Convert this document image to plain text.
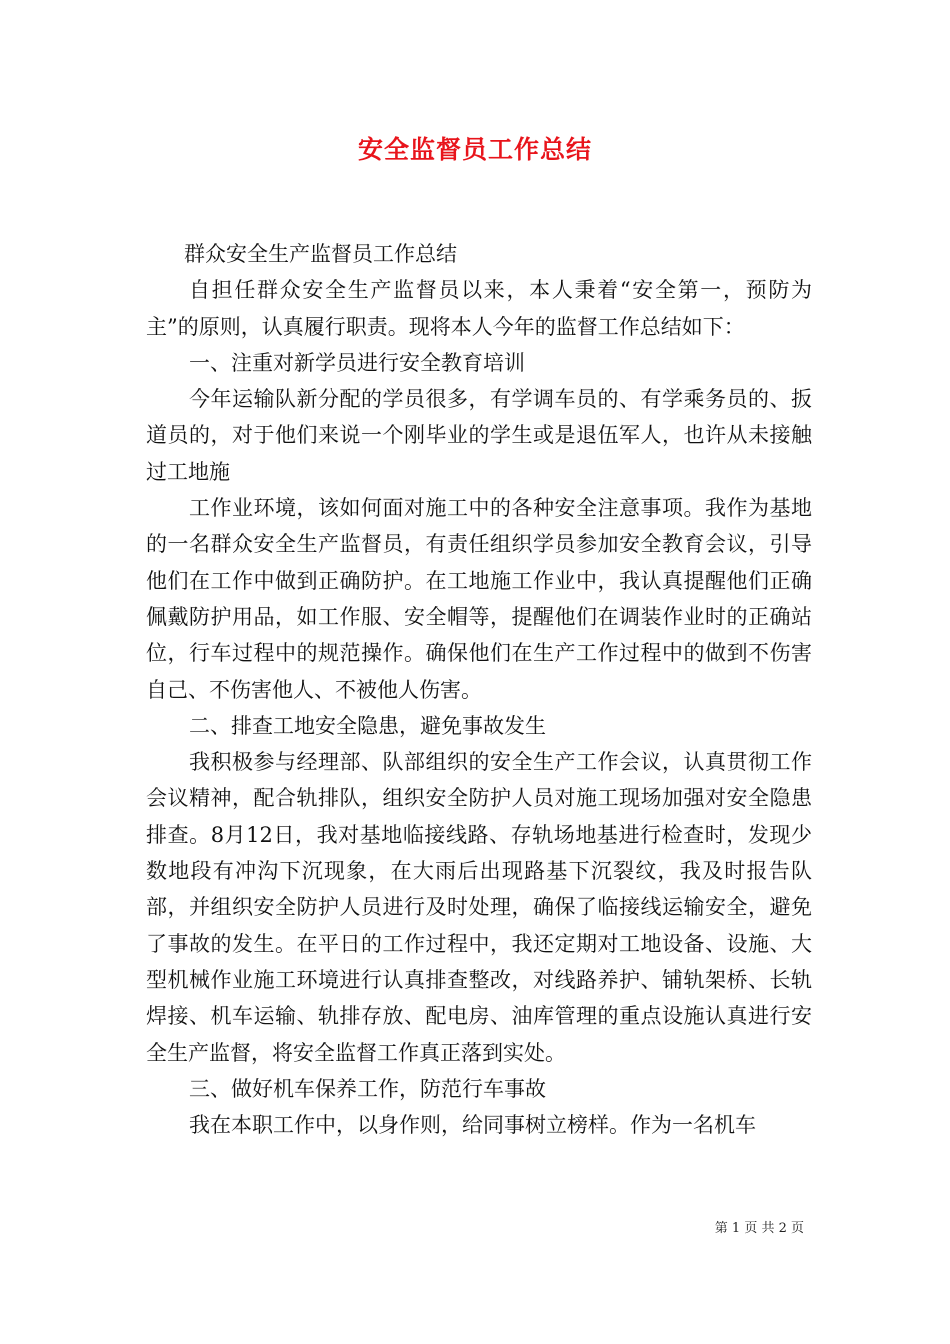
安全监督员工作总结

群众安全生产监督员工作总结

自担任群众安全生产监督员以来，本人秉着“安全第一，预防为主”的原则，认真履行职责。现将本人今年的监督工作总结如下：

一、注重对新学员进行安全教育培训

今年运输队新分配的学员很多，有学调车员的、有学乘务员的、扳道员的，对于他们来说一个刚毕业的学生或是退伍军人，也许从未接触过工地施

工作业环境，该如何面对施工中的各种安全注意事项。我作为基地的一名群众安全生产监督员，有责任组织学员参加安全教育会议，引导他们在工作中做到正确防护。在工地施工作业中，我认真提醒他们正确佩戴防护用品，如工作服、安全帽等，提醒他们在调装作业时的正确站位，行车过程中的规范操作。确保他们在生产工作过程中的做到不伤害自己、不伤害他人、不被他人伤害。

二、排查工地安全隐患，避免事故发生

我积极参与经理部、队部组织的安全生产工作会议，认真贯彻工作会议精神，配合轨排队，组织安全防护人员对施工现场加强对安全隐患排查。8月12日，我对基地临接线路、存轨场地基进行检查时，发现少数地段有冲沟下沉现象，在大雨后出现路基下沉裂纹，我及时报告队部，并组织安全防护人员进行及时处理，确保了临接线运输安全，避免了事故的发生。在平日的工作过程中，我还定期对工地设备、设施、大型机械作业施工环境进行认真排查整改，对线路养护、铺轨架桥、长轨焊接、机车运输、轨排存放、配电房、油库管理的重点设施认真进行安全生产监督，将安全监督工作真正落到实处。

三、做好机车保养工作，防范行车事故

我在本职工作中，以身作则，给同事树立榜样。作为一名机车

第 1 页 共 2 页
